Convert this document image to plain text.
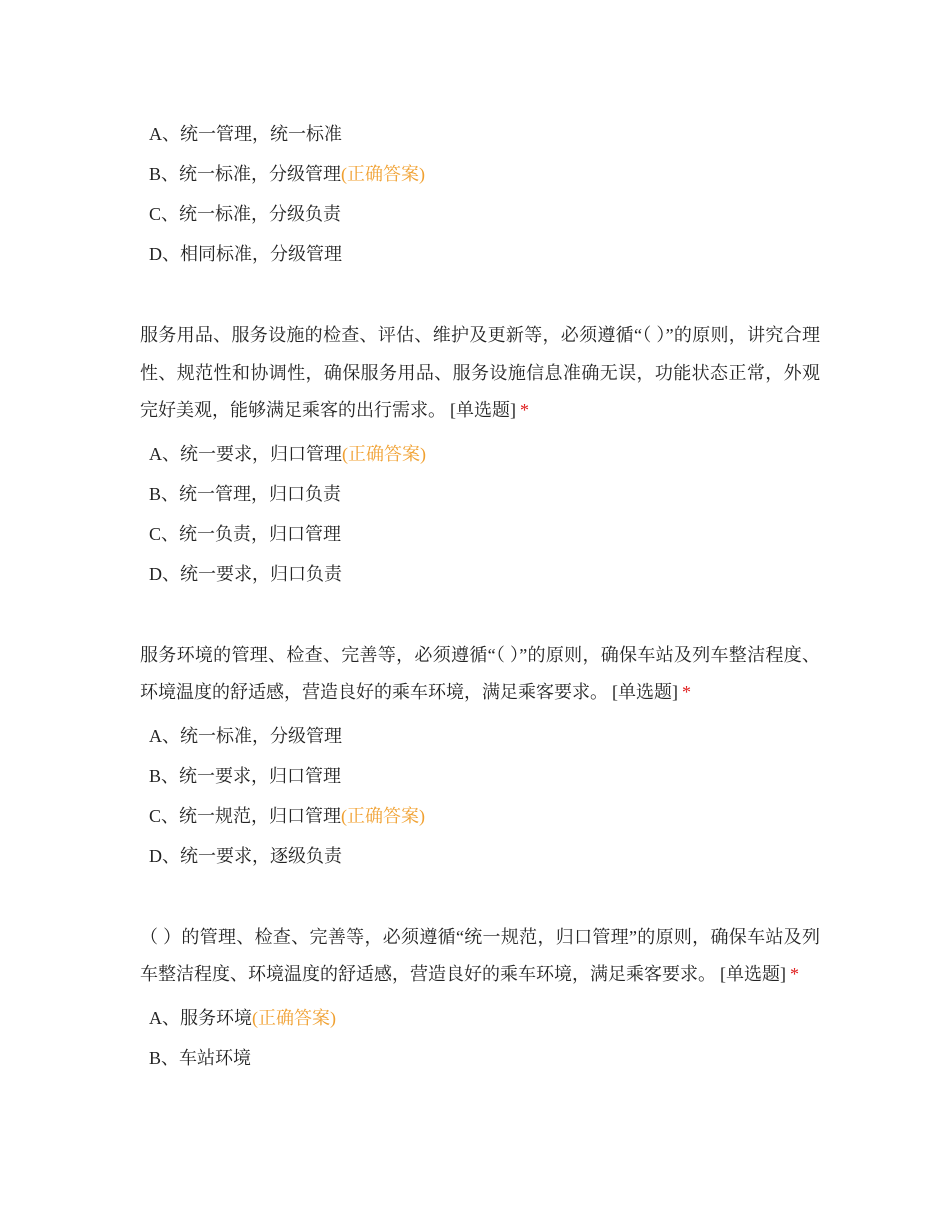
A、统一管理，统一标准
B、统一标准，分级管理(正确答案)
C、统一标准，分级负责
D、相同标准，分级管理
服务用品、服务设施的检查、评估、维护及更新等，必须遵循“（ ）”的原则，讲究合理性、规范性和协调性，确保服务用品、服务设施信息准确无误，功能状态正常，外观完好美观，能够满足乘客的出行需求。 [单选题] *
A、统一要求，归口管理(正确答案)
B、统一管理，归口负责
C、统一负责，归口管理
D、统一要求，归口负责
服务环境的管理、检查、完善等，必须遵循“（ ）”的原则，确保车站及列车整洁程度、环境温度的舒适感，营造良好的乘车环境，满足乘客要求。 [单选题] *
A、统一标准，分级管理
B、统一要求，归口管理
C、统一规范，归口管理(正确答案)
D、统一要求，逐级负责
（ ）的管理、检查、完善等，必须遵循“统一规范，归口管理”的原则，确保车站及列车整洁程度、环境温度的舒适感，营造良好的乘车环境，满足乘客要求。 [单选题] *
A、服务环境(正确答案)
B、车站环境
